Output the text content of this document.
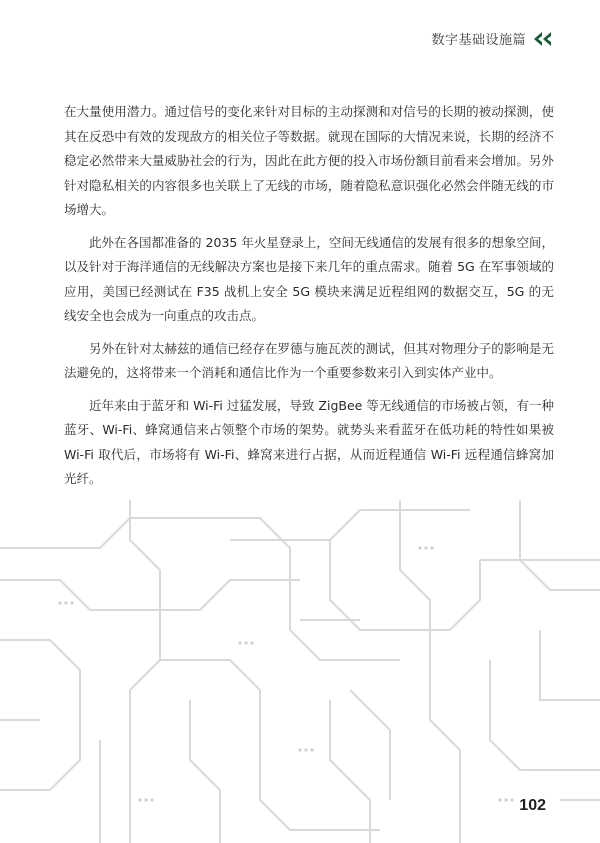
数字基础设施篇

在大量使用潜力。通过信号的变化来针对目标的主动探测和对信号的长期的被动探测，使其在反恐中有效的发现敌方的相关位子等数据。就现在国际的大情况来说，长期的经济不稳定必然带来大量威胁社会的行为，因此在此方便的投入市场份额目前看来会增加。另外针对隐私相关的内容很多也关联上了无线的市场，随着隐私意识强化必然会伴随无线的市场增大。

此外在各国都准备的 2035 年火星登录上，空间无线通信的发展有很多的想象空间，以及针对于海洋通信的无线解决方案也是接下来几年的重点需求。随着 5G 在军事领域的应用，美国已经测试在 F35 战机上安全 5G 模块来满足近程组网的数据交互，5G 的无线安全也会成为一向重点的攻击点。

另外在针对太赫兹的通信已经存在罗德与施瓦茨的测试，但其对物理分子的影响是无法避免的，这将带来一个消耗和通信比作为一个重要参数来引入到实体产业中。

近年来由于蓝牙和 Wi-Fi 过猛发展，导致 ZigBee 等无线通信的市场被占领，有一种蓝牙、Wi-Fi、蜂窝通信来占领整个市场的架势。就势头来看蓝牙在低功耗的特性如果被 Wi-Fi 取代后，市场将有 Wi-Fi、蜂窝来进行占据，从而近程通信 Wi-Fi 远程通信蜂窝加光纤。

102
